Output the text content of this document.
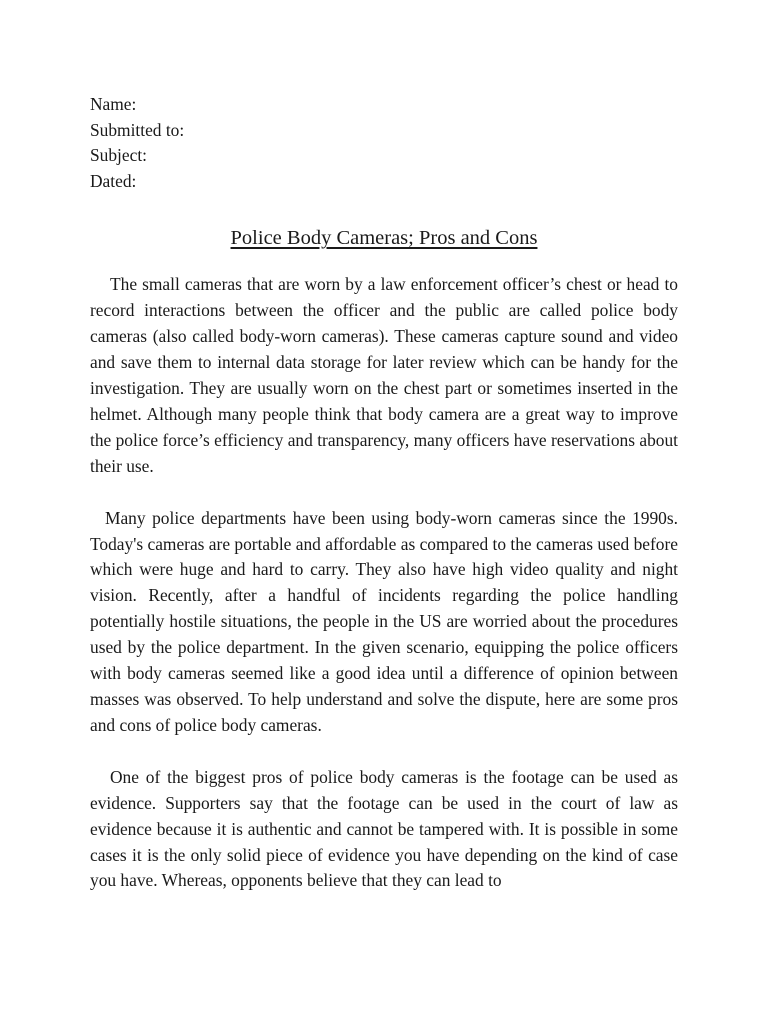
Name:
Submitted to:
Subject:
Dated:
Police Body Cameras; Pros and Cons

The small cameras that are worn by a law enforcement officer’s chest or head to record interactions between the officer and the public are called police body cameras (also called body-worn cameras). These cameras capture sound and video and save them to internal data storage for later review which can be handy for the investigation. They are usually worn on the chest part or sometimes inserted in the helmet. Although many people think that body camera are a great way to improve the police force’s efficiency and transparency, many officers have reservations about their use.

Many police departments have been using body-worn cameras since the 1990s. Today's cameras are portable and affordable as compared to the cameras used before which were huge and hard to carry. They also have high video quality and night vision. Recently, after a handful of incidents regarding the police handling potentially hostile situations, the people in the US are worried about the procedures used by the police department. In the given scenario, equipping the police officers with body cameras seemed like a good idea until a difference of opinion between masses was observed. To help understand and solve the dispute, here are some pros and cons of police body cameras.

One of the biggest pros of police body cameras is the footage can be used as evidence. Supporters say that the footage can be used in the court of law as evidence because it is authentic and cannot be tampered with. It is possible in some cases it is the only solid piece of evidence you have depending on the kind of case you have. Whereas, opponents believe that they can lead to
